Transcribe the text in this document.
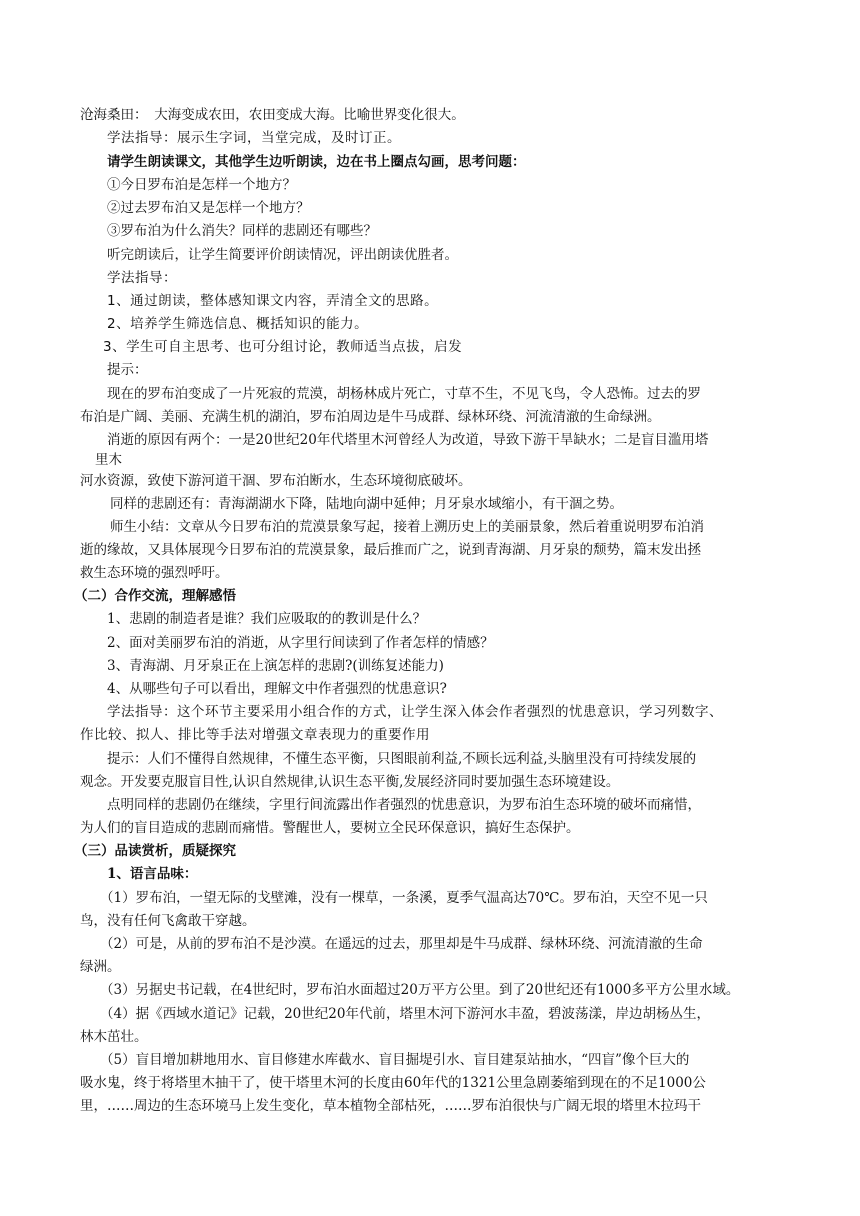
沧海桑田：　大海变成农田，农田变成大海。比喻世界变化很大。
学法指导：展示生字词，当堂完成，及时订正。
请学生朗读课文，其他学生边听朗读，边在书上圈点勾画，思考问题：
①今日罗布泊是怎样一个地方？
②过去罗布泊又是怎样一个地方？
③罗布泊为什么消失？同样的悲剧还有哪些？
听完朗读后，让学生简要评价朗读情况，评出朗读优胜者。
学法指导：
1、通过朗读，整体感知课文内容，弄清全文的思路。
2、培养学生筛选信息、概括知识的能力。
3、学生可自主思考、也可分组讨论，教师适当点拔，启发
提示：
现在的罗布泊变成了一片死寂的荒漠，胡杨林成片死亡，寸草不生，不见飞鸟，令人恐怖。过去的罗
布泊是广阔、美丽、充满生机的湖泊，罗布泊周边是牛马成群、绿林环绕、河流清澈的生命绿洲。
消逝的原因有两个：一是20世纪20年代塔里木河曾经人为改道，导致下游干旱缺水；二是盲目滥用塔
里木
河水资源，致使下游河道干涸、罗布泊断水，生态环境彻底破坏。
同样的悲剧还有：青海湖湖水下降，陆地向湖中延伸；月牙泉水域缩小，有干涸之势。
师生小结：文章从今日罗布泊的荒漠景象写起，接着上溯历史上的美丽景象，然后着重说明罗布泊消
逝的缘故，又具体展现今日罗布泊的荒漠景象，最后推而广之，说到青海湖、月牙泉的颓势，篇末发出拯
救生态环境的强烈呼吁。
（二）合作交流，理解感悟
1、悲剧的制造者是谁？我们应吸取的的教训是什么？
2、面对美丽罗布泊的消逝，从字里行间读到了作者怎样的情感？
3、青海湖、月牙泉正在上演怎样的悲剧?(训练复述能力)
4、从哪些句子可以看出，理解文中作者强烈的忧患意识?
学法指导：这个环节主要采用小组合作的方式，让学生深入体会作者强烈的忧患意识，学习列数字、
作比较、拟人、排比等手法对增强文章表现力的重要作用
提示：人们不懂得自然规律，不懂生态平衡，只图眼前利益,不顾长远利益,头脑里没有可持续发展的
观念。开发要克服盲目性,认识自然规律,认识生态平衡,发展经济同时要加强生态环境建设。
点明同样的悲剧仍在继续，字里行间流露出作者强烈的忧患意识，为罗布泊生态环境的破坏而痛惜，
为人们的盲目造成的悲剧而痛惜。警醒世人，要树立全民环保意识，搞好生态保护。
（三）品读赏析，质疑探究
1、语言品味：
（1）罗布泊，一望无际的戈壁滩，没有一棵草，一条溪，夏季气温高达70℃。罗布泊，天空不见一只
鸟，没有任何飞禽敢干穿越。
（2）可是，从前的罗布泊不是沙漠。在遥远的过去，那里却是牛马成群、绿林环绕、河流清澈的生命
绿洲。
（3）另据史书记载，在4世纪时，罗布泊水面超过20万平方公里。到了20世纪还有1000多平方公里水域。
（4）据《西域水道记》记载，20世纪20年代前，塔里木河下游河水丰盈，碧波荡漾，岸边胡杨丛生，
林木茁壮。
（5）盲目增加耕地用水、盲目修建水库截水、盲目掘堤引水、盲目建泵站抽水，“四盲”像个巨大的
吸水鬼，终于将塔里木抽干了，使干塔里木河的长度由60年代的1321公里急剧萎缩到现在的不足1000公
里，……周边的生态环境马上发生变化，草本植物全部枯死，……罗布泊很快与广阔无垠的塔里木拉玛干
